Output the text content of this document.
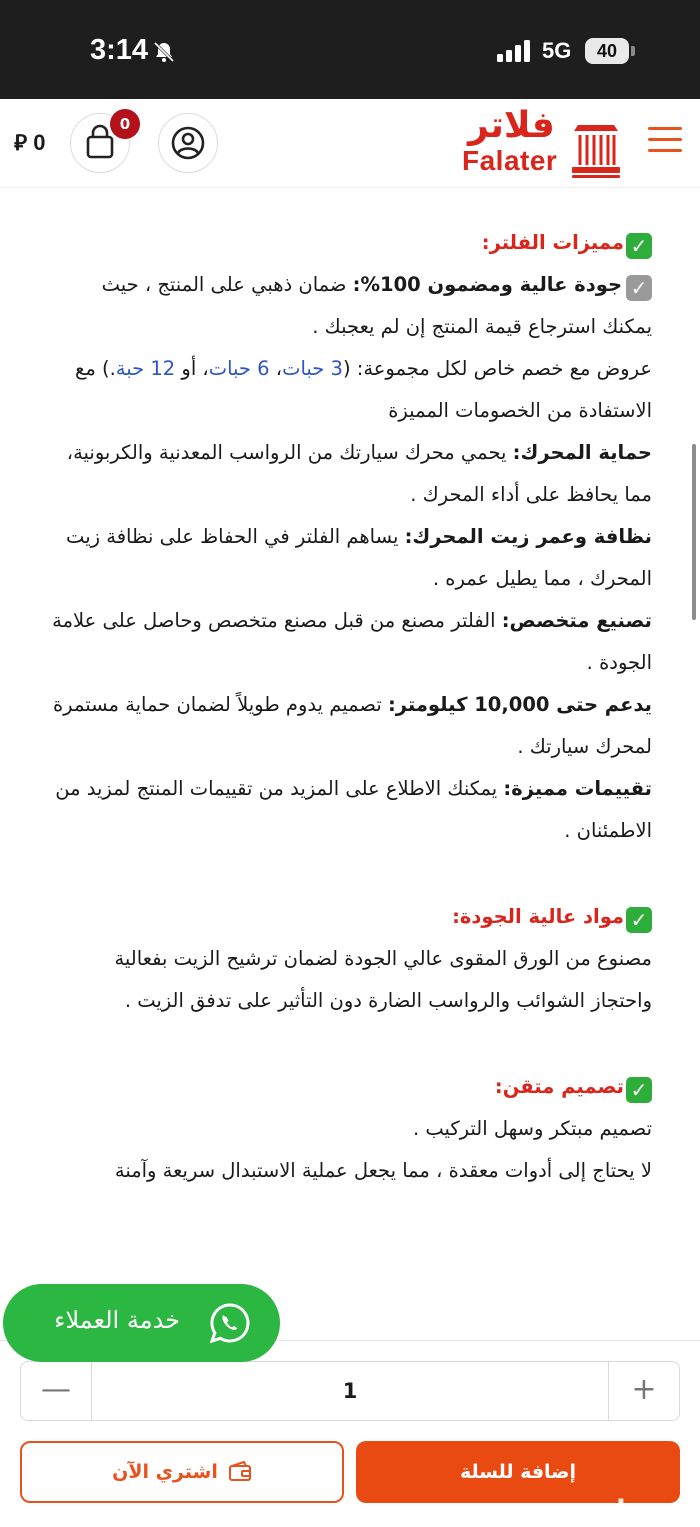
3:14	5G	40
فلاتر
Falater
0
0 ⃁

✓مميزات الفلتر:

✓جودة عالية ومضمون 100%: ضمان ذهبي على المنتج ، حيث يمكنك استرجاع قيمة المنتج إن لم يعجبك .

عروض مع خصم خاص لكل مجموعة: (3 حبات، 6 حبات، أو 12 حبة.) مع الاستفادة من الخصومات المميزة

حماية المحرك: يحمي محرك سيارتك من الرواسب المعدنية والكربونية، مما يحافظ على أداء المحرك .

نظافة وعمر زيت المحرك: يساهم الفلتر في الحفاظ على نظافة زيت المحرك ، مما يطيل عمره .

تصنيع متخصص: الفلتر مصنع من قبل مصنع متخصص وحاصل على علامة الجودة .

يدعم حتى 10,000 كيلومتر: تصميم يدوم طويلاً لضمان حماية مستمرة لمحرك سيارتك .

تقييمات مميزة: يمكنك الاطلاع على المزيد من تقييمات المنتج لمزيد من الاطمئنان .

✓مواد عالية الجودة:

مصنوع من الورق المقوى عالي الجودة لضمان ترشيح الزيت بفعالية واحتجاز الشوائب والرواسب الضارة دون التأثير على تدفق الزيت .

✓تصميم متقن:

تصميم مبتكر وسهل التركيب .

لا يحتاج إلى أدوات معقدة ، مما يجعل عملية الاستبدال سريعة وآمنة

—	1	+
اشتري الآن	إضافة للسلة
خدمة العملاء
حراج
